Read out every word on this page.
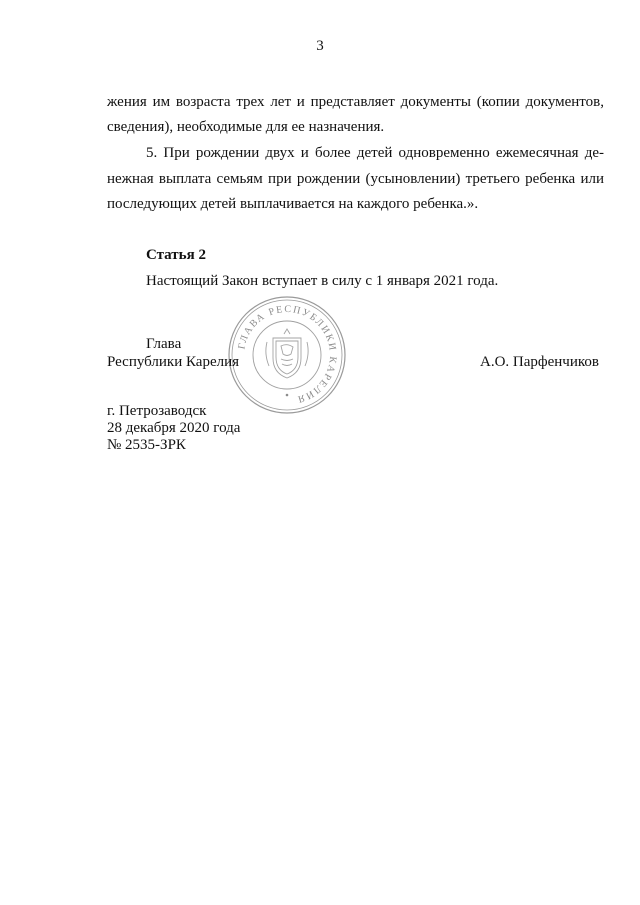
3
жения им возраста трех лет и представляет документы (копии документов,
сведения), необходимые для ее назначения.
5. При рождении двух и более детей одновременно ежемесячная де-
нежная выплата семьям при рождении (усыновлении) третьего ребенка или
последующих детей выплачивается на каждого ребенка.».
Статья 2
Настоящий Закон вступает в силу с 1 января 2021 года.
ГЛАВА РЕСПУБЛИКИ КАРЕЛИЯ
Глава
Республики Карелия	А.О. Парфенчиков
г. Петрозаводск
28 декабря 2020 года
№ 2535-ЗРК
